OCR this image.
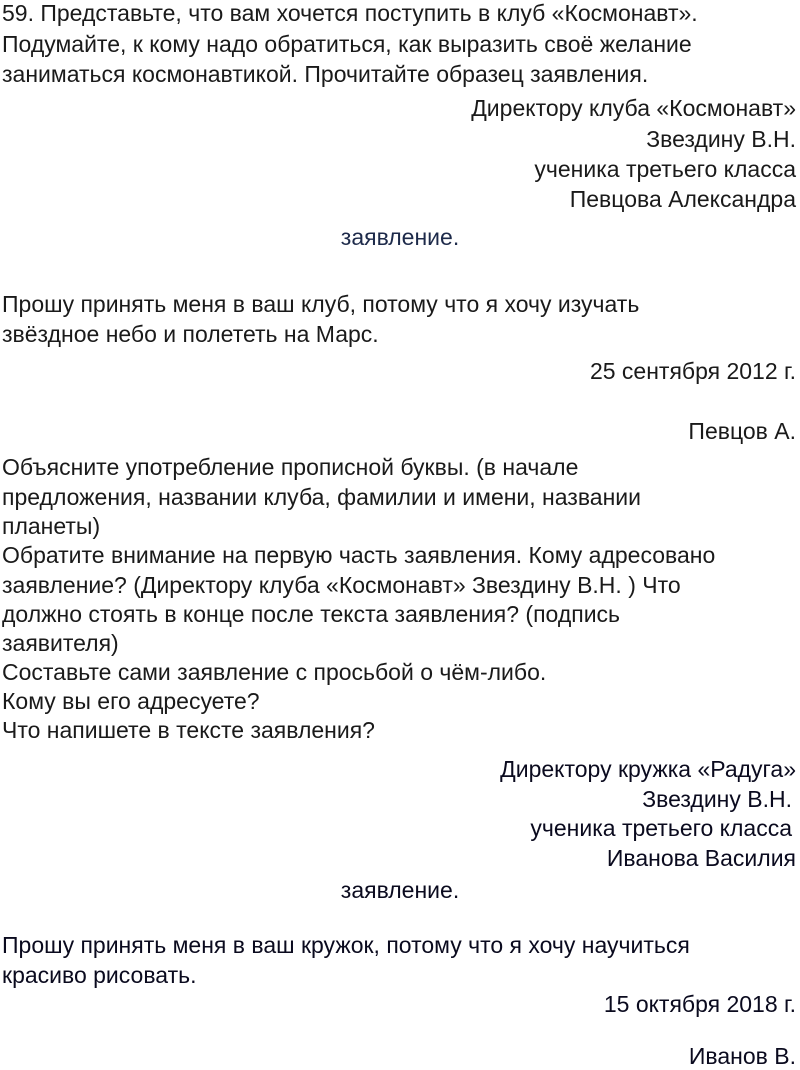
59. Представьте, что вам хочется поступить в клуб «Космонавт».
Подумайте, к кому надо обратиться, как выразить своё желание
заниматься космонавтикой. Прочитайте образец заявления.
Директору клуба «Космонавт»
Звездину В.Н.
ученика третьего класса
Певцова Александра
заявление.
Прошу принять меня в ваш клуб, потому что я хочу изучать
звёздное небо и полететь на Марс.
25 сентября 2012 г.
Певцов А.
Объясните употребление прописной буквы. (в начале
предложения, названии клуба, фамилии и имени, названии
планеты)
Обратите внимание на первую часть заявления. Кому адресовано
заявление? (Директору клуба «Космонавт» Звездину В.Н. ) Что
должно стоять в конце после текста заявления? (подпись
заявителя)
Составьте сами заявление с просьбой о чём-либо.
Кому вы его адресуете?
Что напишете в тексте заявления?
Директору кружка «Радуга»
Звездину В.Н.
ученика третьего класса
Иванова Василия
заявление.
Прошу принять меня в ваш кружок, потому что я хочу научиться
красиво рисовать.
15 октября 2018 г.
Иванов В.
